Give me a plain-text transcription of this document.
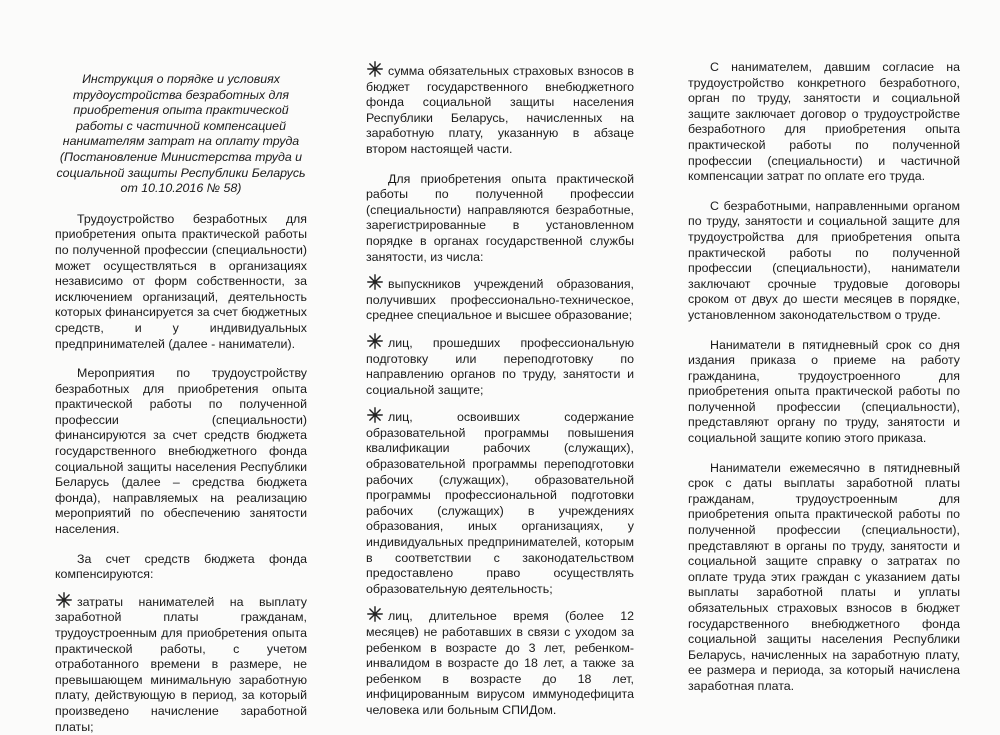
Инструкция о порядке и условиях трудоустройства безработных для приобретения опыта практической работы с частичной компенсацией нанимателям затрат на оплату труда (Постановление Министерства труда и социальной защиты Республики Беларусь от 10.10.2016 № 58)

Трудоустройство безработных для приобретения опыта практической работы по полученной профессии (специальности) может осуществляться в организациях независимо от форм собственности, за исключением организаций, деятельность которых финансируется за счет бюджетных средств, и у индивидуальных предпринимателей (далее - наниматели).

Мероприятия по трудоустройству безработных для приобретения опыта практической работы по полученной профессии (специальности) финансируются за счет средств бюджета государственного внебюджетного фонда социальной защиты населения Республики Беларусь (далее – средства бюджета фонда), направляемых на реализацию мероприятий по обеспечению занятости населения.

За счет средств бюджета фонда компенсируются:

затраты нанимателей на выплату заработной платы гражданам, трудоустроенным для приобретения опыта практической работы, с учетом отработанного времени в размере, не превышающем минимальную заработную плату, действующую в период, за который произведено начисление заработной платы;

сумма обязательных страховых взносов в бюджет государственного внебюджетного фонда социальной защиты населения Республики Беларусь, начисленных на заработную плату, указанную в абзаце втором настоящей части.

Для приобретения опыта практической работы по полученной профессии (специальности) направляются безработные, зарегистрированные в установленном порядке в органах государственной службы занятости, из числа:

выпускников учреждений образования, получивших профессионально-техническое, среднее специальное и высшее образование;

лиц, прошедших профессиональную подготовку или переподготовку по направлению органов по труду, занятости и социальной защите;

лиц, освоивших содержание образовательной программы повышения квалификации рабочих (служащих), образовательной программы переподготовки рабочих (служащих), образовательной программы профессиональной подготовки рабочих (служащих) в учреждениях образования, иных организациях, у индивидуальных предпринимателей, которым в соответствии с законодательством предоставлено право осуществлять образовательную деятельность;

лиц, длительное время (более 12 месяцев) не работавших в связи с уходом за ребенком в возрасте до 3 лет, ребенком-инвалидом в возрасте до 18 лет, а также за ребенком в возрасте до 18 лет, инфицированным вирусом иммунодефицита человека или больным СПИДом.

С нанимателем, давшим согласие на трудоустройство конкретного безработного, орган по труду, занятости и социальной защите заключает договор о трудоустройстве безработного для приобретения опыта практической работы по полученной профессии (специальности) и частичной компенсации затрат по оплате его труда.

С безработными, направленными органом по труду, занятости и социальной защите для трудоустройства для приобретения опыта практической работы по полученной профессии (специальности), наниматели заключают срочные трудовые договоры сроком от двух до шести месяцев в порядке, установленном законодательством о труде.

Наниматели в пятидневный срок со дня издания приказа о приеме на работу гражданина, трудоустроенного для приобретения опыта практической работы по полученной профессии (специальности), представляют органу по труду, занятости и социальной защите копию этого приказа.

Наниматели ежемесячно в пятидневный срок с даты выплаты заработной платы гражданам, трудоустроенным для приобретения опыта практической работы по полученной профессии (специальности), представляют в органы по труду, занятости и социальной защите справку о затратах по оплате труда этих граждан с указанием даты выплаты заработной платы и уплаты обязательных страховых взносов в бюджет государственного внебюджетного фонда социальной защиты населения Республики Беларусь, начисленных на заработную плату, ее размера и периода, за который начислена заработная плата.
